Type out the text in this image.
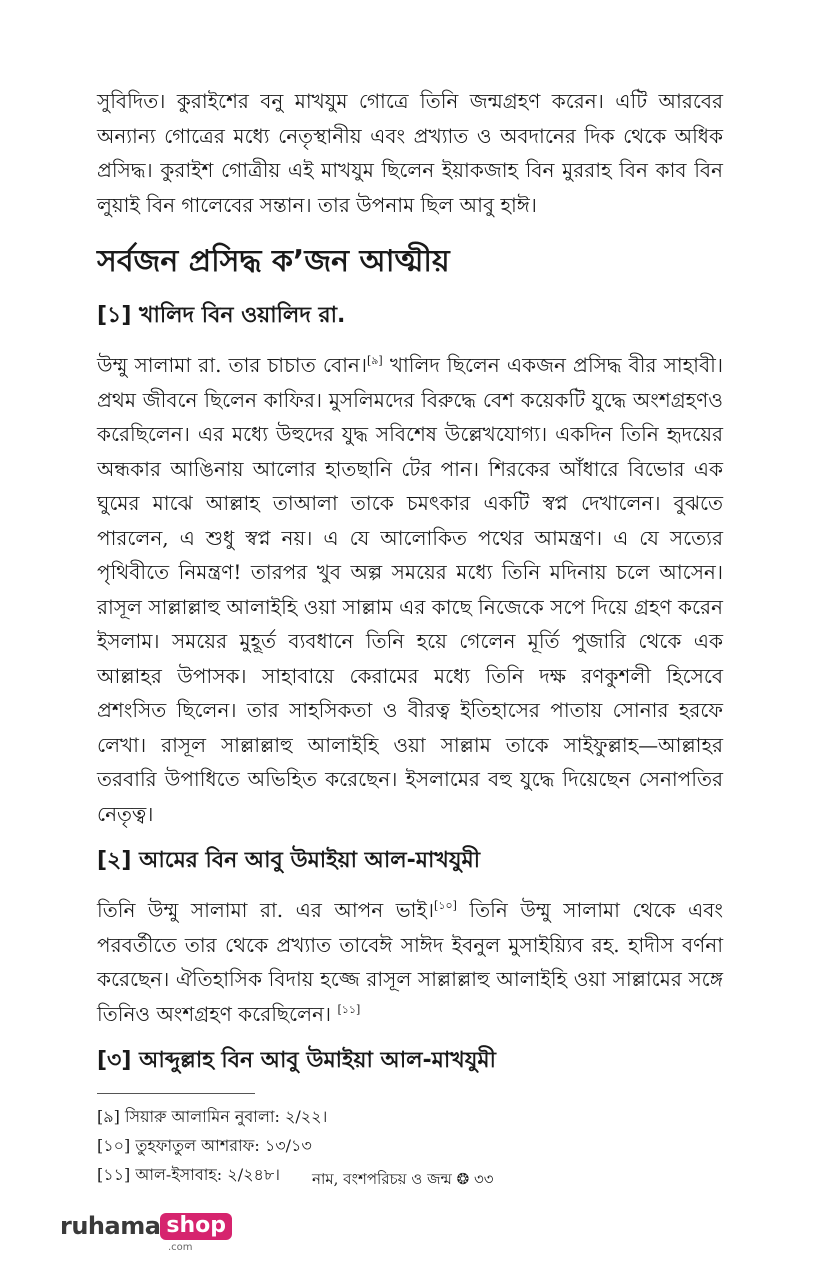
সুবিদিত। কুরাইশের বনু মাখযুম গোত্রে তিনি জন্মগ্রহণ করেন। এটি আরবের অন্যান্য গোত্রের মধ্যে নেতৃস্থানীয় এবং প্রখ্যাত ও অবদানের দিক থেকে অধিক প্রসিদ্ধ। কুরাইশ গোত্রীয় এই মাখযুম ছিলেন ইয়াকজাহ বিন মুররাহ বিন কাব বিন লুয়াই বিন গালেবের সন্তান। তার উপনাম ছিল আবু হাঈ।

সর্বজন প্রসিদ্ধ ক’জন আত্মীয়
[১] খালিদ বিন ওয়ালিদ রা.

উম্মু সালামা রা. তার চাচাত বোন।[৯] খালিদ ছিলেন একজন প্রসিদ্ধ বীর সাহাবী। প্রথম জীবনে ছিলেন কাফির। মুসলিমদের বিরুদ্ধে বেশ কয়েকটি যুদ্ধে অংশগ্রহণও করেছিলেন। এর মধ্যে উহুদের যুদ্ধ সবিশেষ উল্লেখযোগ্য। একদিন তিনি হৃদয়ের অন্ধকার আঙিনায় আলোর হাতছানি টের পান। শিরকের আঁধারে বিভোর এক ঘুমের মাঝে আল্লাহ তাআলা তাকে চমৎকার একটি স্বপ্ন দেখালেন। বুঝতে পারলেন, এ শুধু স্বপ্ন নয়। এ যে আলোকিত পথের আমন্ত্রণ। এ যে সত্যের পৃথিবীতে নিমন্ত্রণ! তারপর খুব অল্প সময়ের মধ্যে তিনি মদিনায় চলে আসেন। রাসূল সাল্লাল্লাহু আলাইহি ওয়া সাল্লাম এর কাছে নিজেকে সপে দিয়ে গ্রহণ করেন ইসলাম। সময়ের মুহূর্ত ব্যবধানে তিনি হয়ে গেলেন মূর্তি পুজারি থেকে এক আল্লাহর উপাসক। সাহাবায়ে কেরামের মধ্যে তিনি দক্ষ রণকুশলী হিসেবে প্রশংসিত ছিলেন। তার সাহসিকতা ও বীরত্ব ইতিহাসের পাতায় সোনার হরফে লেখা। রাসূল সাল্লাল্লাহু আলাইহি ওয়া সাল্লাম তাকে সাইফুল্লাহ—আল্লাহর তরবারি উপাধিতে অভিহিত করেছেন। ইসলামের বহু যুদ্ধে দিয়েছেন সেনাপতির নেতৃত্ব।

[২] আমের বিন আবু উমাইয়া আল-মাখযুমী

তিনি উম্মু সালামা রা. এর আপন ভাই।[১০] তিনি উম্মু সালামা থেকে এবং পরবর্তীতে তার থেকে প্রখ্যাত তাবেঈ সাঈদ ইবনুল মুসাইয়্যিব রহ. হাদীস বর্ণনা করেছেন। ঐতিহাসিক বিদায় হজ্জে রাসূল সাল্লাল্লাহু আলাইহি ওয়া সাল্লামের সঙ্গে তিনিও অংশগ্রহণ করেছিলেন। [১১]

[৩] আব্দুল্লাহ বিন আবু উমাইয়া আল-মাখযুমী

[৯] সিয়ারু আলামিন নুবালা: ২/২২।

[১০] তুহফাতুল আশরাফ: ১৩/১৩

[১১] আল-ইসাবাহ: ২/২৪৮।	নাম, বংশপরিচয় ও জন্ম ❂ ৩৩
ruhama shop
.com
